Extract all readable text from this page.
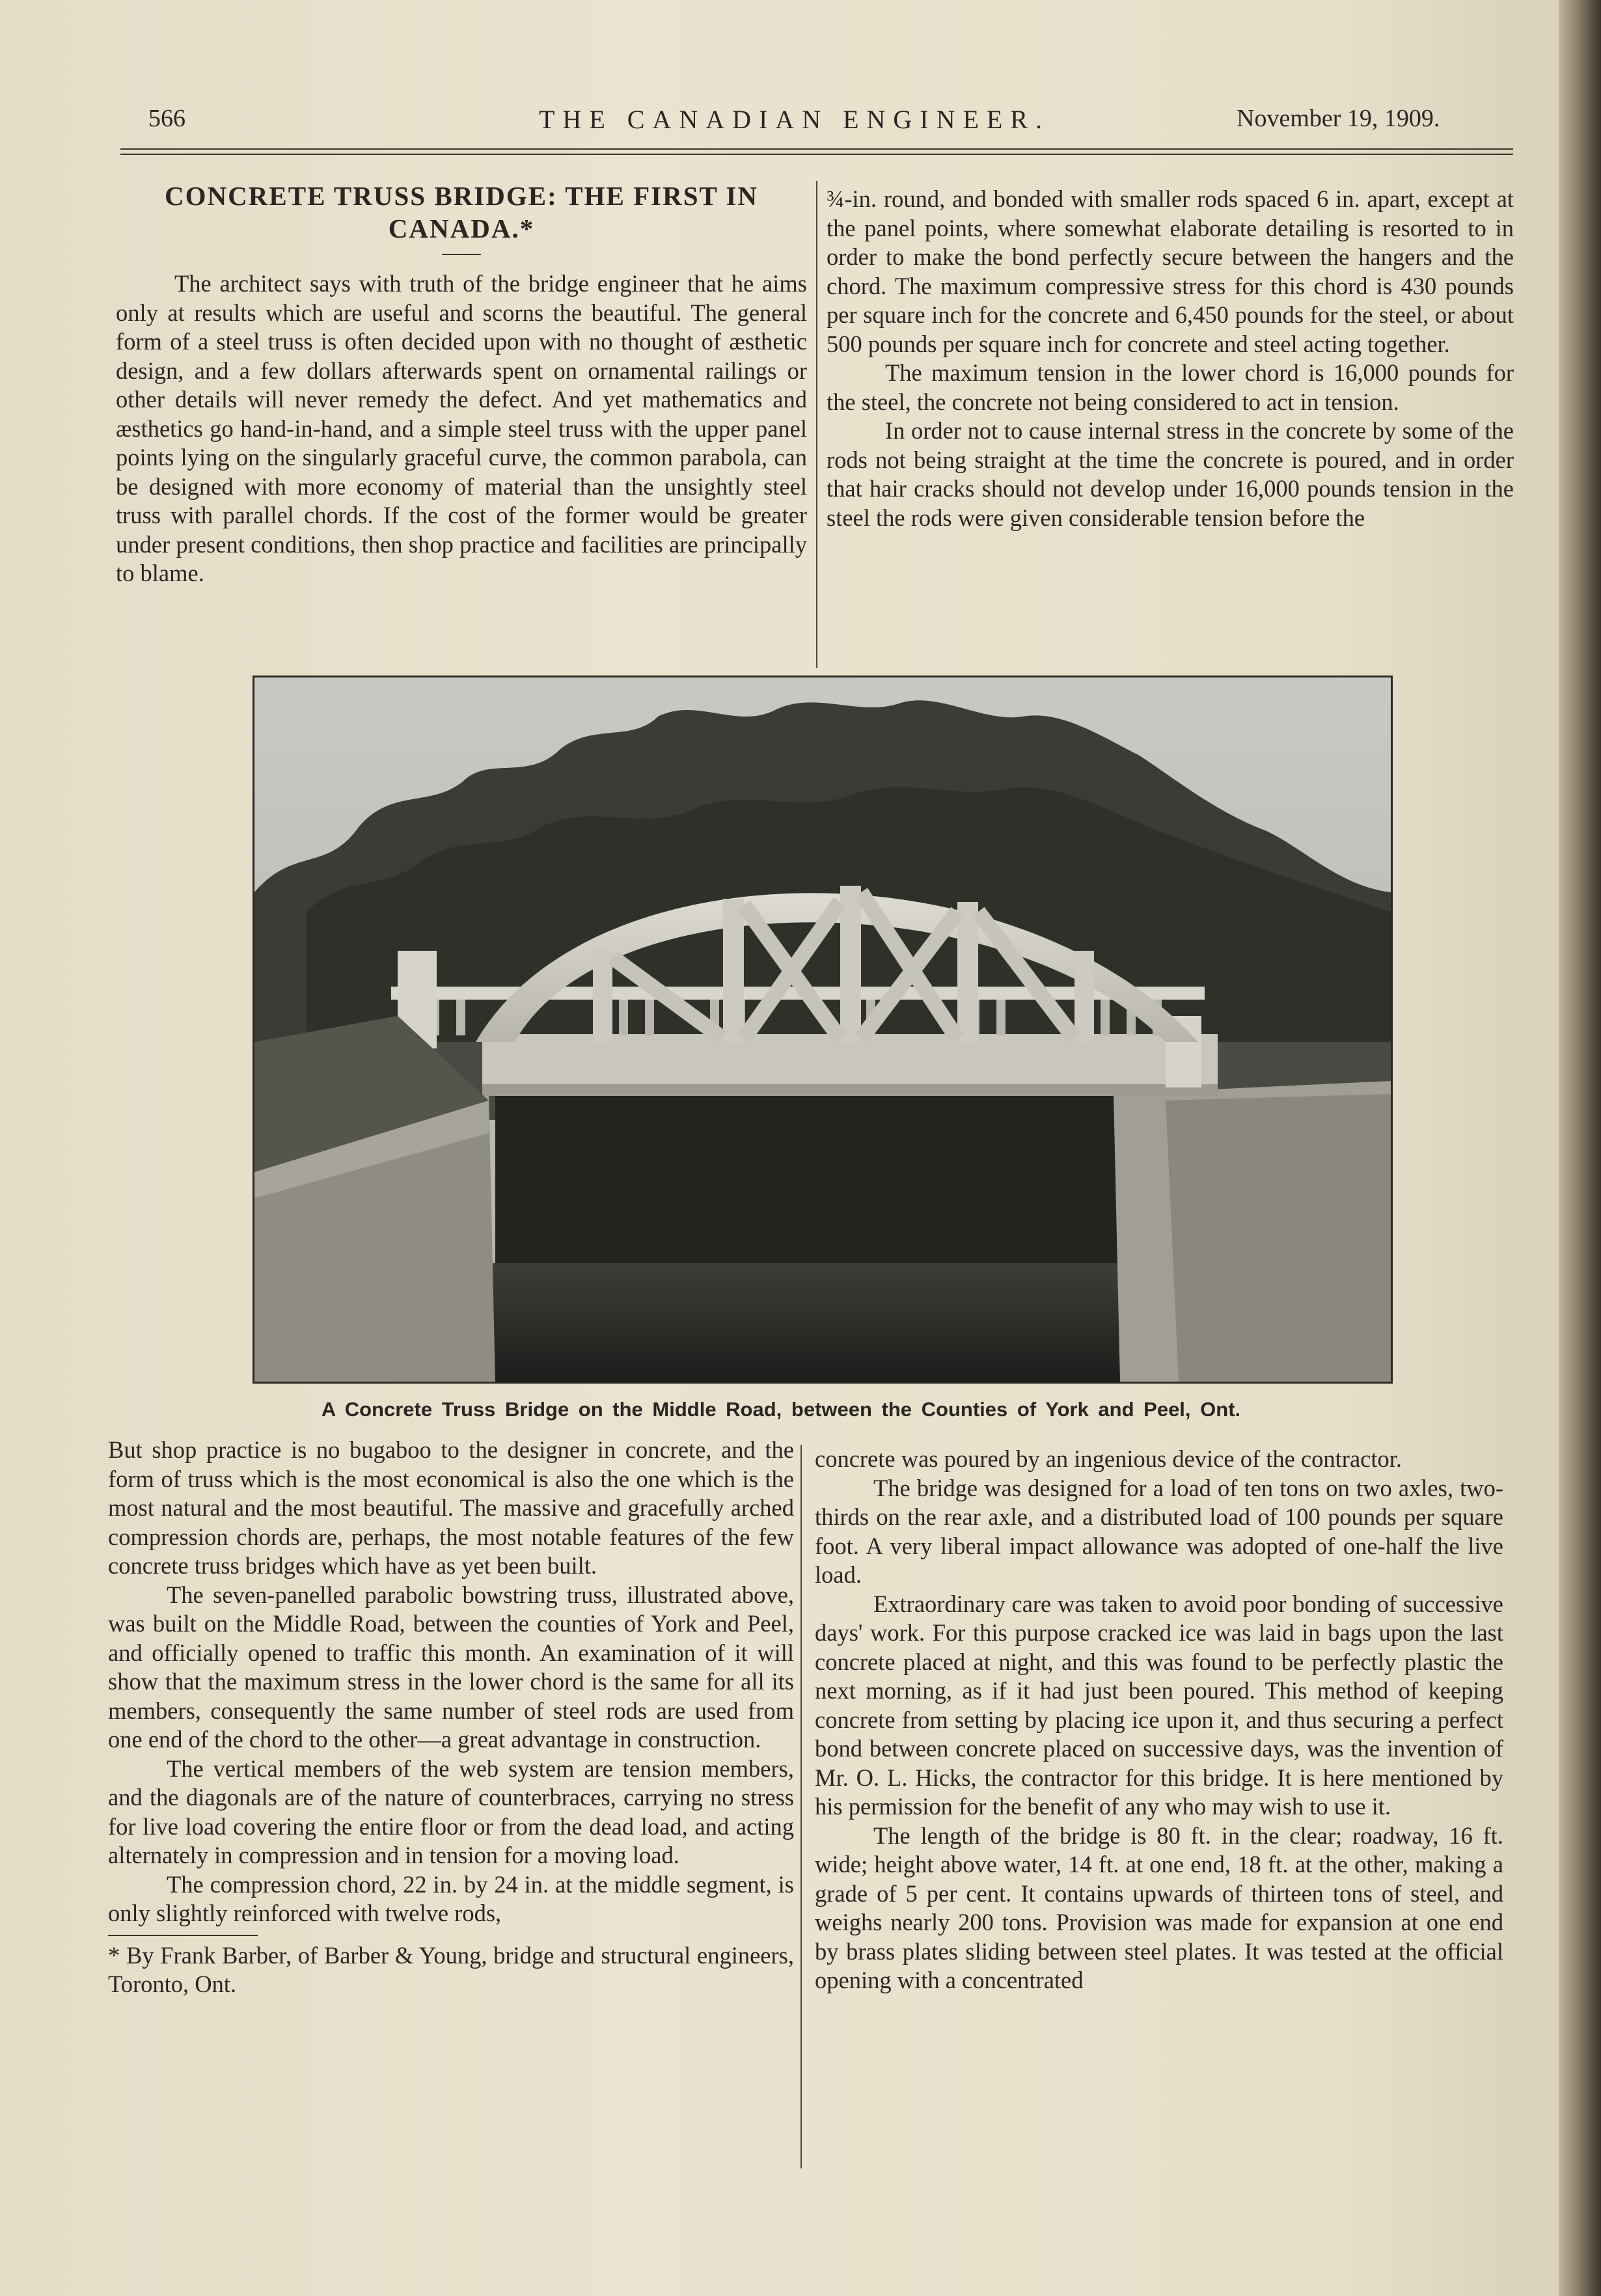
566	THE CANADIAN ENGINEER.	November 19, 1909.
CONCRETE TRUSS BRIDGE: THE FIRST IN
CANADA.*

The architect says with truth of the bridge engineer that he aims only at results which are useful and scorns the beautiful. The general form of a steel truss is often decided upon with no thought of æsthetic design, and a few dollars afterwards spent on ornamental railings or other details will never remedy the defect. And yet mathematics and æsthetics go hand-in-hand, and a simple steel truss with the upper panel points lying on the singularly graceful curve, the common parabola, can be designed with more economy of material than the unsightly steel truss with parallel chords. If the cost of the former would be greater under present conditions, then shop practice and facilities are principally to blame.

¾-in. round, and bonded with smaller rods spaced 6 in. apart, except at the panel points, where somewhat elaborate detailing is resorted to in order to make the bond perfectly secure between the hangers and the chord. The maximum compressive stress for this chord is 430 pounds per square inch for the concrete and 6,450 pounds for the steel, or about 500 pounds per square inch for concrete and steel acting together.

The maximum tension in the lower chord is 16,000 pounds for the steel, the concrete not being considered to act in tension.

In order not to cause internal stress in the concrete by some of the rods not being straight at the time the concrete is poured, and in order that hair cracks should not develop under 16,000 pounds tension in the steel the rods were given considerable tension before the

A Concrete Truss Bridge on the Middle Road, between the Counties of York and Peel, Ont.

But shop practice is no bugaboo to the designer in concrete, and the form of truss which is the most economical is also the one which is the most natural and the most beautiful. The massive and gracefully arched compression chords are, perhaps, the most notable features of the few concrete truss bridges which have as yet been built.

The seven-panelled parabolic bowstring truss, illustrated above, was built on the Middle Road, between the counties of York and Peel, and officially opened to traffic this month. An examination of it will show that the maximum stress in the lower chord is the same for all its members, consequently the same number of steel rods are used from one end of the chord to the other—a great advantage in construction.

The vertical members of the web system are tension members, and the diagonals are of the nature of counterbraces, carrying no stress for live load covering the entire floor or from the dead load, and acting alternately in compression and in tension for a moving load.

The compression chord, 22 in. by 24 in. at the middle segment, is only slightly reinforced with twelve rods,

* By Frank Barber, of Barber & Young, bridge and structural engineers, Toronto, Ont.

concrete was poured by an ingenious device of the contractor.

The bridge was designed for a load of ten tons on two axles, two-thirds on the rear axle, and a distributed load of 100 pounds per square foot. A very liberal impact allowance was adopted of one-half the live load.

Extraordinary care was taken to avoid poor bonding of successive days' work. For this purpose cracked ice was laid in bags upon the last concrete placed at night, and this was found to be perfectly plastic the next morning, as if it had just been poured. This method of keeping concrete from setting by placing ice upon it, and thus securing a perfect bond between concrete placed on successive days, was the invention of Mr. O. L. Hicks, the contractor for this bridge. It is here mentioned by his permission for the benefit of any who may wish to use it.

The length of the bridge is 80 ft. in the clear; roadway, 16 ft. wide; height above water, 14 ft. at one end, 18 ft. at the other, making a grade of 5 per cent. It contains upwards of thirteen tons of steel, and weighs nearly 200 tons. Provision was made for expansion at one end by brass plates sliding between steel plates. It was tested at the official opening with a concentrated
